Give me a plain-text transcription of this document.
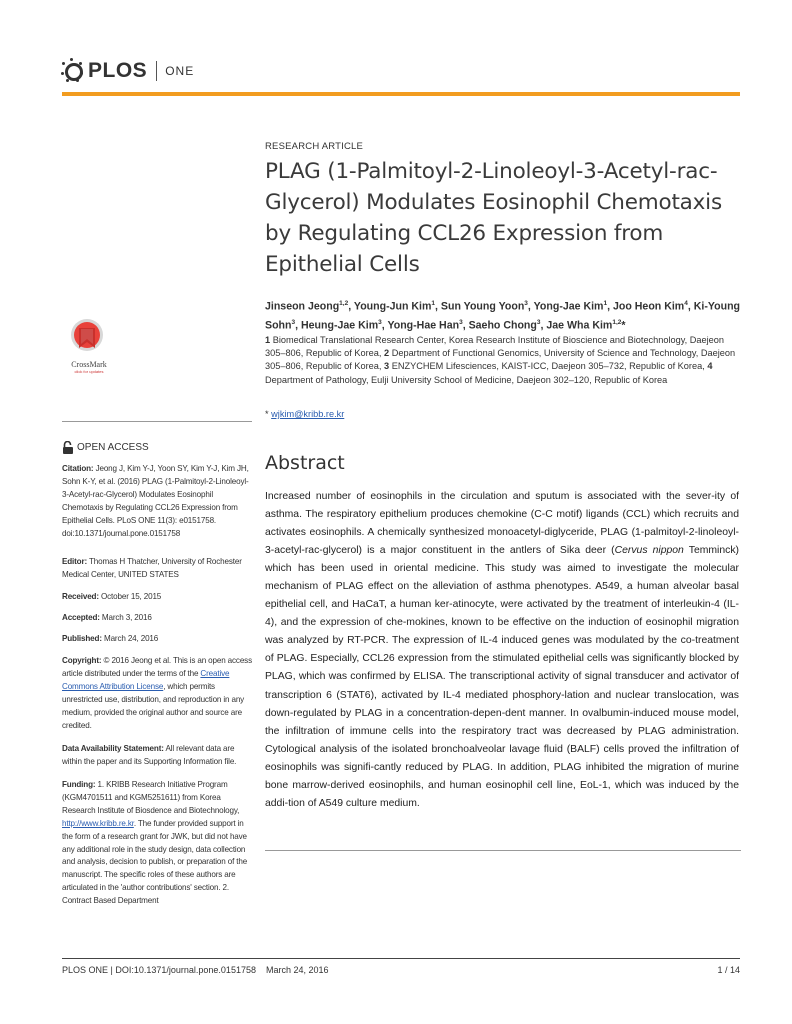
PLOS ONE
RESEARCH ARTICLE
PLAG (1-Palmitoyl-2-Linoleoyl-3-Acetyl-rac-Glycerol) Modulates Eosinophil Chemotaxis by Regulating CCL26 Expression from Epithelial Cells
Jinseon Jeong$^{1,2}$, Young-Jun Kim$^1$, Sun Young Yoon$^3$, Yong-Jae Kim$^1$, Joo Heon Kim$^4$, Ki-Young Sohn$^3$, Heung-Jae Kim$^3$, Yong-Hae Han$^3$, Saeho Chong$^3$, Jae Wha Kim$^{1,2}$*
1 Biomedical Translational Research Center, Korea Research Institute of Bioscience and Biotechnology, Daejeon 305–806, Republic of Korea, 2 Department of Functional Genomics, University of Science and Technology, Daejeon 305–806, Republic of Korea, 3 ENZYCHEM Lifesciences, KAIST-ICC, Daejeon 305–732, Republic of Korea, 4 Department of Pathology, Eulji University School of Medicine, Daejeon 302–120, Republic of Korea
* wjkim@kribb.re.kr
Abstract
Increased number of eosinophils in the circulation and sputum is associated with the sever-ity of asthma. The respiratory epithelium produces chemokine (C-C motif) ligands (CCL) which recruits and activates eosinophils. A chemically synthesized monoacetyl-diglyceride, PLAG (1-palmitoyl-2-linoleoyl-3-acetyl-rac-glycerol) is a major constituent in the antlers of Sika deer (Cervus nippon Temminck) which has been used in oriental medicine. This study was aimed to investigate the molecular mechanism of PLAG effect on the alleviation of asthma phenotypes. A549, a human alveolar basal epithelial cell, and HaCaT, a human ker-atinocyte, were activated by the treatment of interleukin-4 (IL-4), and the expression of che-mokines, known to be effective on the induction of eosinophil migration was analyzed by RT-PCR. The expression of IL-4 induced genes was modulated by the co-treatment of PLAG. Especially, CCL26 expression from the stimulated epithelial cells was significantly blocked by PLAG, which was confirmed by ELISA. The transcriptional activity of signal transducer and activator of transcription 6 (STAT6), activated by IL-4 mediated phosphory-lation and nuclear translocation, was down-regulated by PLAG in a concentration-depen-dent manner. In ovalbumin-induced mouse model, the infiltration of immune cells into the respiratory tract was decreased by PLAG administration. Cytological analysis of the isolated bronchoalveolar lavage fluid (BALF) cells proved the infiltration of eosinophils was signifi-cantly reduced by PLAG. In addition, PLAG inhibited the migration of murine bone marrow-derived eosinophils, and human eosinophil cell line, EoL-1, which was induced by the addi-tion of A549 culture medium.
CrossMark
click for updates
OPEN ACCESS
Citation: Jeong J, Kim Y-J, Yoon SY, Kim Y-J, Kim JH, Sohn K-Y, et al. (2016) PLAG (1-Palmitoyl-2-Linoleoyl-3-Acetyl-rac-Glycerol) Modulates Eosinophil Chemotaxis by Regulating CCL26 Expression from Epithelial Cells. PLoS ONE 11(3): e0151758. doi:10.1371/journal.pone.0151758
Editor: Thomas H Thatcher, University of Rochester Medical Center, UNITED STATES
Received: October 15, 2015
Accepted: March 3, 2016
Published: March 24, 2016
Copyright: © 2016 Jeong et al. This is an open access article distributed under the terms of the Creative Commons Attribution License, which permits unrestricted use, distribution, and reproduction in any medium, provided the original author and source are credited.
Data Availability Statement: All relevant data are within the paper and its Supporting Information file.
Funding: 1. KRIBB Research Initiative Program (KGM4701511 and KGM5251611) from Korea Research Institute of Biosdence and Biotechnology, http://www.kribb.re.kr. The funder provided support in the form of a research grant for JWK, but did not have any additional role in the study design, data collection and analysis, decision to publish, or preparation of the manuscript. The specific roles of these authors are articulated in the 'author contributions' section. 2. Contract Based Department
PLOS ONE | DOI:10.1371/journal.pone.0151758 March 24, 2016	1 / 14
